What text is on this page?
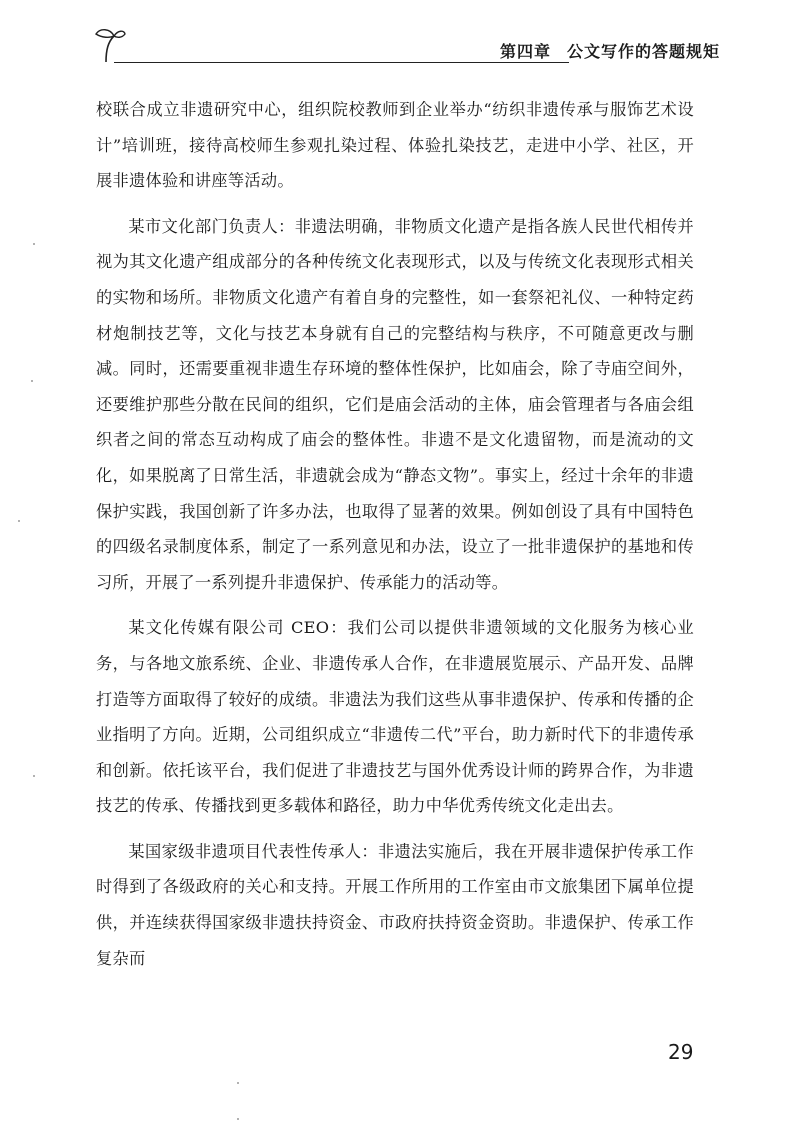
第四章 公文写作的答题规矩

校联合成立非遗研究中心，组织院校教师到企业举办“纺织非遗传承与服饰艺术设计”培训班，接待高校师生参观扎染过程、体验扎染技艺，走进中小学、社区，开展非遗体验和讲座等活动。

某市文化部门负责人：非遗法明确，非物质文化遗产是指各族人民世代相传并视为其文化遗产组成部分的各种传统文化表现形式，以及与传统文化表现形式相关的实物和场所。非物质文化遗产有着自身的完整性，如一套祭祀礼仪、一种特定药材炮制技艺等，文化与技艺本身就有自己的完整结构与秩序，不可随意更改与删减。同时，还需要重视非遗生存环境的整体性保护，比如庙会，除了寺庙空间外，还要维护那些分散在民间的组织，它们是庙会活动的主体，庙会管理者与各庙会组织者之间的常态互动构成了庙会的整体性。非遗不是文化遗留物，而是流动的文化，如果脱离了日常生活，非遗就会成为“静态文物”。事实上，经过十余年的非遗保护实践，我国创新了许多办法，也取得了显著的效果。例如创设了具有中国特色的四级名录制度体系，制定了一系列意见和办法，设立了一批非遗保护的基地和传习所，开展了一系列提升非遗保护、传承能力的活动等。

某文化传媒有限公司 CEO：我们公司以提供非遗领域的文化服务为核心业务，与各地文旅系统、企业、非遗传承人合作，在非遗展览展示、产品开发、品牌打造等方面取得了较好的成绩。非遗法为我们这些从事非遗保护、传承和传播的企业指明了方向。近期，公司组织成立“非遗传二代”平台，助力新时代下的非遗传承和创新。依托该平台，我们促进了非遗技艺与国外优秀设计师的跨界合作，为非遗技艺的传承、传播找到更多载体和路径，助力中华优秀传统文化走出去。

某国家级非遗项目代表性传承人：非遗法实施后，我在开展非遗保护传承工作时得到了各级政府的关心和支持。开展工作所用的工作室由市文旅集团下属单位提供，并连续获得国家级非遗扶持资金、市政府扶持资金资助。非遗保护、传承工作复杂而

29
